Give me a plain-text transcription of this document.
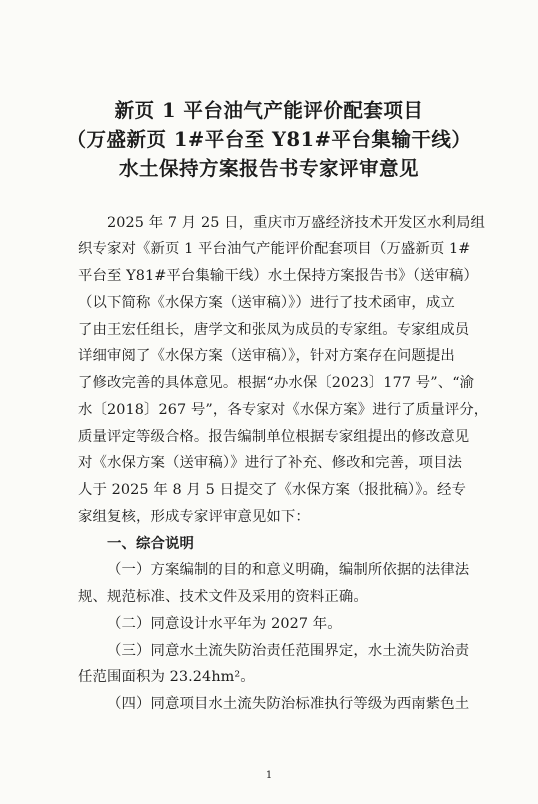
新页 1 平台油气产能评价配套项目
（万盛新页 1#平台至 Y81#平台集输干线）
水土保持方案报告书专家评审意见
2025 年 7 月 25 日，重庆市万盛经济技术开发区水利局组
织专家对《新页 1 平台油气产能评价配套项目（万盛新页 1#
平台至 Y81#平台集输干线）水土保持方案报告书》（送审稿）
（以下简称《水保方案（送审稿）》）进行了技术函审，成立
了由王宏任组长，唐学文和张凤为成员的专家组。专家组成员
详细审阅了《水保方案（送审稿）》，针对方案存在问题提出
了修改完善的具体意见。根据“办水保〔2023〕177 号”、“渝
水〔2018〕267 号”，各专家对《水保方案》进行了质量评分，
质量评定等级合格。报告编制单位根据专家组提出的修改意见
对《水保方案（送审稿）》进行了补充、修改和完善，项目法
人于 2025 年 8 月 5 日提交了《水保方案（报批稿）》。经专
家组复核，形成专家评审意见如下：
一、综合说明
（一）方案编制的目的和意义明确，编制所依据的法律法
规、规范标准、技术文件及采用的资料正确。
（二）同意设计水平年为 2027 年。
（三）同意水土流失防治责任范围界定，水土流失防治责
任范围面积为 23.24hm²。
（四）同意项目水土流失防治标准执行等级为西南紫色土
1
